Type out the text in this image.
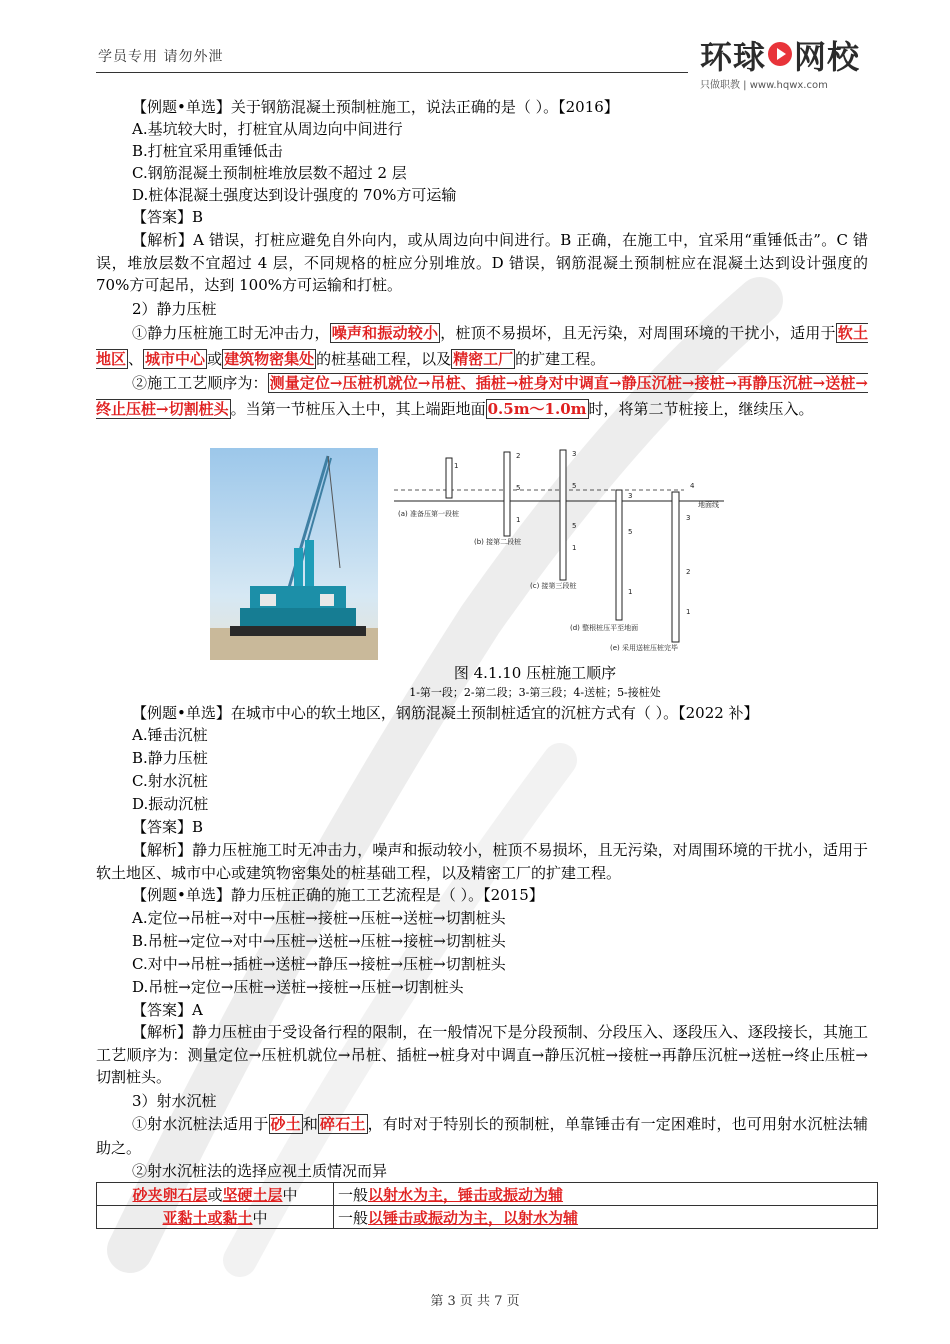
学员专用 请勿外泄	环球 网校
只做职教 | www.hqwx.com
【例题•单选】关于钢筋混凝土预制桩施工，说法正确的是（ ）。【2016】
A.基坑较大时，打桩宜从周边向中间进行
B.打桩宜采用重锤低击
C.钢筋混凝土预制桩堆放层数不超过 2 层
D.桩体混凝土强度达到设计强度的 70%方可运输
【答案】B
【解析】A 错误，打桩应避免自外向内，或从周边向中间进行。B 正确，在施工中，宜采用“重锤低击”。C 错误，堆放层数不宜超过 4 层，不同规格的桩应分别堆放。D 错误，钢筋混凝土预制桩应在混凝土达到设计强度的 70%方可起吊，达到 100%方可运输和打桩。
2）静力压桩
①静力压桩施工时无冲击力， 噪声和振动较小 ，桩顶不易损坏，且无污染，对周围环境的干扰小，适用于 软土地区 、 城市中心 或 建筑物密集处 的桩基础工程，以及 精密工厂 的扩建工程。
②施工工艺顺序为： 测量定位→压桩机就位→吊桩、插桩→桩身对中调直→静压沉桩→接桩→再静压沉桩→送桩→终止压桩→切割桩头 。当第一节桩压入土中，其上端距地面 0.5m～1.0m 时，将第二节桩接上，继续压入。
地面线
1
(a) 准备压第一段桩
2
5
1
(b) 接第二段桩
3
5
5
1
(c) 接第三段桩
3
5
1
(d) 整根桩压平至地面
4
3
2
1
(e) 采用送桩压桩完毕
图 4.1.10 压桩施工顺序
1-第一段；2-第二段；3-第三段；4-送桩；5-接桩处
【例题•单选】在城市中心的软土地区，钢筋混凝土预制桩适宜的沉桩方式有（ ）。【2022 补】
A.锤击沉桩
B.静力压桩
C.射水沉桩
D.振动沉桩
【答案】B
【解析】静力压桩施工时无冲击力，噪声和振动较小，桩顶不易损坏，且无污染，对周围环境的干扰小，适用于软土地区、城市中心或建筑物密集处的桩基础工程，以及精密工厂的扩建工程。
【例题•单选】静力压桩正确的施工工艺流程是（ ）。【2015】
A.定位→吊桩→对中→压桩→接桩→压桩→送桩→切割桩头
B.吊桩→定位→对中→压桩→送桩→压桩→接桩→切割桩头
C.对中→吊桩→插桩→送桩→静压→接桩→压桩→切割桩头
D.吊桩→定位→压桩→送桩→接桩→压桩→切割桩头
【答案】A
【解析】静力压桩由于受设备行程的限制，在一般情况下是分段预制、分段压入、逐段压入、逐段接长，其施工工艺顺序为：测量定位→压桩机就位→吊桩、插桩→桩身对中调直→静压沉桩→接桩→再静压沉桩→送桩→终止压桩→切割桩头。
3）射水沉桩
①射水沉桩法适用于 砂土 和 碎石土 ，有时对于特别长的预制桩，单靠锤击有一定困难时，也可用射水沉桩法辅助之。
②射水沉桩法的选择应视土质情况而异
砂夹卵石层或坚硬土层中	一般以射水为主，锤击或振动为辅
亚黏土或黏土中	一般以锤击或振动为主，以射水为辅
第 3 页 共 7 页
